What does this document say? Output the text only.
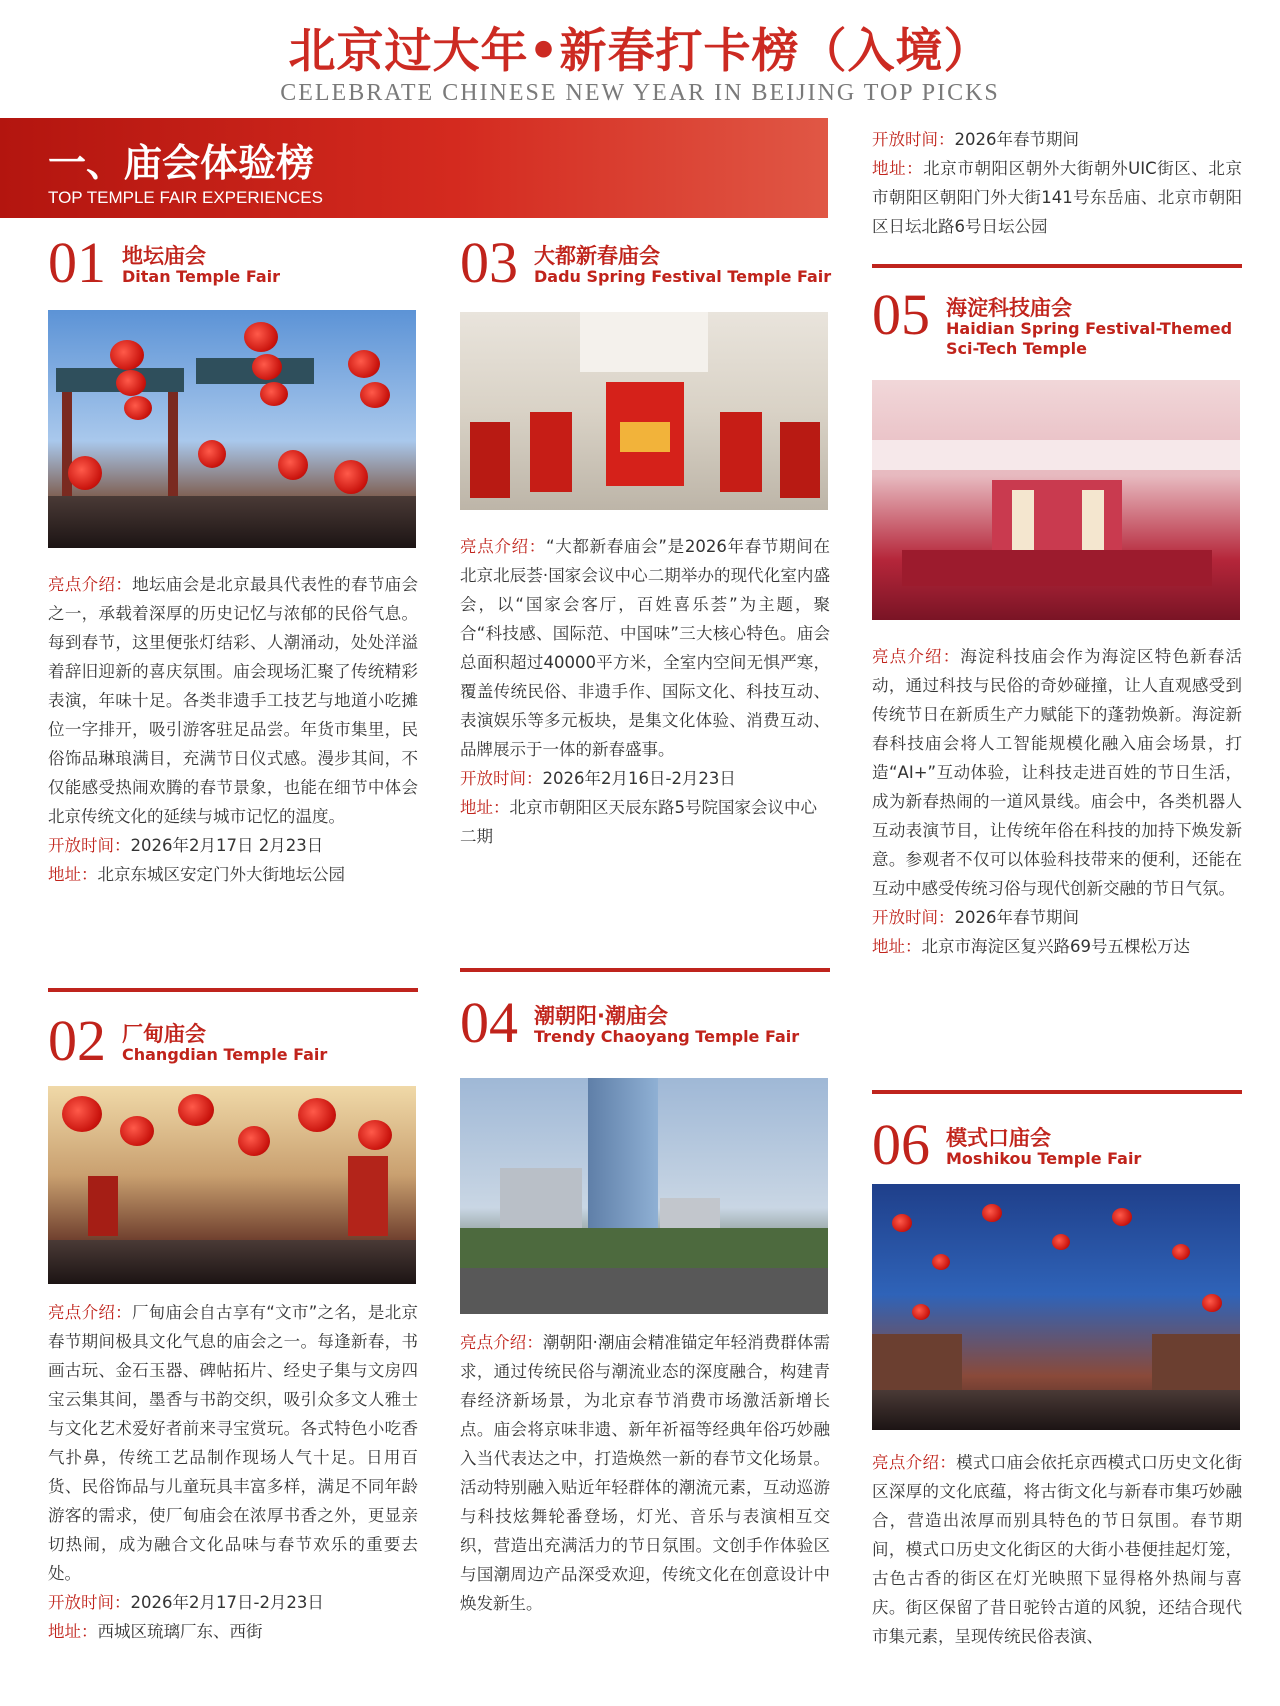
北京过大年•新春打卡榜（入境）
CELEBRATE CHINESE NEW YEAR IN BEIJING TOP PICKS
一、庙会体验榜
TOP TEMPLE FAIR EXPERIENCES
01 地坛庙会
Ditan Temple Fair
亮点介绍：地坛庙会是北京最具代表性的春节庙会之一，承载着深厚的历史记忆与浓郁的民俗气息。每到春节，这里便张灯结彩、人潮涌动，处处洋溢着辞旧迎新的喜庆氛围。庙会现场汇聚了传统精彩表演，年味十足。各类非遗手工技艺与地道小吃摊位一字排开，吸引游客驻足品尝。年货市集里，民俗饰品琳琅满目，充满节日仪式感。漫步其间，不仅能感受热闹欢腾的春节景象，也能在细节中体会北京传统文化的延续与城市记忆的温度。
开放时间：2026年2月17日 2月23日
地址：北京东城区安定门外大街地坛公园
02 厂甸庙会
Changdian Temple Fair
亮点介绍：厂甸庙会自古享有“文市”之名，是北京春节期间极具文化气息的庙会之一。每逢新春，书画古玩、金石玉器、碑帖拓片、经史子集与文房四宝云集其间，墨香与书韵交织，吸引众多文人雅士与文化艺术爱好者前来寻宝赏玩。各式特色小吃香气扑鼻，传统工艺品制作现场人气十足。日用百货、民俗饰品与儿童玩具丰富多样，满足不同年龄游客的需求，使厂甸庙会在浓厚书香之外，更显亲切热闹，成为融合文化品味与春节欢乐的重要去处。
开放时间：2026年2月17日-2月23日
地址：西城区琉璃厂东、西街
03 大都新春庙会
Dadu Spring Festival Temple Fair
亮点介绍：“大都新春庙会”是2026年春节期间在北京北辰荟·国家会议中心二期举办的现代化室内盛会，以“国家会客厅，百姓喜乐荟”为主题，聚合“科技感、国际范、中国味”三大核心特色。庙会总面积超过40000平方米，全室内空间无惧严寒，覆盖传统民俗、非遗手作、国际文化、科技互动、表演娱乐等多元板块，是集文化体验、消费互动、品牌展示于一体的新春盛事。
开放时间：2026年2月16日-2月23日
地址：北京市朝阳区天辰东路5号院国家会议中心二期
04 潮朝阳·潮庙会
Trendy Chaoyang Temple Fair
亮点介绍：潮朝阳·潮庙会精准锚定年轻消费群体需求，通过传统民俗与潮流业态的深度融合，构建青春经济新场景，为北京春节消费市场激活新增长点。庙会将京味非遗、新年祈福等经典年俗巧妙融入当代表达之中，打造焕然一新的春节文化场景。活动特别融入贴近年轻群体的潮流元素，互动巡游与科技炫舞轮番登场，灯光、音乐与表演相互交织，营造出充满活力的节日氛围。文创手作体验区与国潮周边产品深受欢迎，传统文化在创意设计中焕发新生。
开放时间：2026年春节期间
地址：北京市朝阳区朝外大街朝外UIC街区、北京市朝阳区朝阳门外大街141号东岳庙、北京市朝阳区日坛北路6号日坛公园
05 海淀科技庙会
Haidian Spring Festival-Themed
Sci-Tech Temple
亮点介绍：海淀科技庙会作为海淀区特色新春活动，通过科技与民俗的奇妙碰撞，让人直观感受到传统节日在新质生产力赋能下的蓬勃焕新。海淀新春科技庙会将人工智能规模化融入庙会场景，打造“AI+”互动体验，让科技走进百姓的节日生活，成为新春热闹的一道风景线。庙会中，各类机器人互动表演节目，让传统年俗在科技的加持下焕发新意。参观者不仅可以体验科技带来的便利，还能在互动中感受传统习俗与现代创新交融的节日气氛。
开放时间：2026年春节期间
地址：北京市海淀区复兴路69号五棵松万达
06 模式口庙会
Moshikou Temple Fair
亮点介绍：模式口庙会依托京西模式口历史文化街区深厚的文化底蕴，将古街文化与新春市集巧妙融合，营造出浓厚而别具特色的节日氛围。春节期间，模式口历史文化街区的大街小巷便挂起灯笼，古色古香的街区在灯光映照下显得格外热闹与喜庆。街区保留了昔日驼铃古道的风貌，还结合现代市集元素，呈现传统民俗表演、
